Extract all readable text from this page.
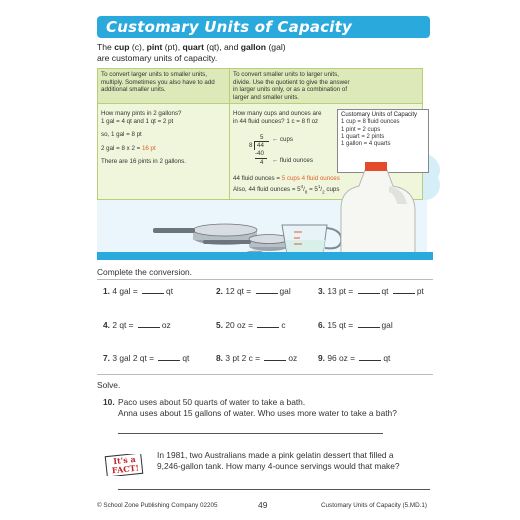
Customary Units of Capacity
The cup (c), pint (pt), quart (qt), and gallon (gal)
are customary units of capacity.
To convert larger units to smaller units,
multiply. Sometimes you also have to add
additional smaller units.
How many pints in 2 gallons?
1 gal = 4 qt and 1 qt = 2 pt
so, 1 gal = 8 pt
2 gal = 8 x 2 = 16 pt
There are 16 pints in 2 gallons.
To convert smaller units to larger units,
divide. Use the quotient to give the answer
in larger units only, or as a combination of
larger and smaller units.
How many cups and ounces are
in 44 fluid ounces? 1 c = 8 fl oz
5
8 44
-40
4
← cups
← fluid ounces
44 fluid ounces = 5 cups 4 fluid ounces
Also, 44 fluid ounces = $5^4/_8 = 5^1/_2$ cups
Customary Units of Capacity
1 cup = 8 fluid ounces
1 pint = 2 cups
1 quart = 2 pints
1 gallon = 4 quarts
Complete the conversion.
1. 4 gal =	qt	2. 12 qt =	gal	3. 13 pt =	qt	pt
4. 2 qt =	oz	5. 20 oz =	c	6. 15 qt =	gal
7. 3 gal 2 qt =	qt	8. 3 pt 2 c =	oz 9. 96 oz =	qt
Solve.
10. Paco uses about 50 quarts of water to take a bath.
Anna uses about 15 gallons of water. Who uses more water to take a bath?
It's a FACT!
In 1981, two Australians made a pink gelatin dessert that filled a
9,246-gallon tank. How many 4-ounce servings would that make?
© School Zone Publishing Company 02205	49	Customary Units of Capacity (5.MD.1)
